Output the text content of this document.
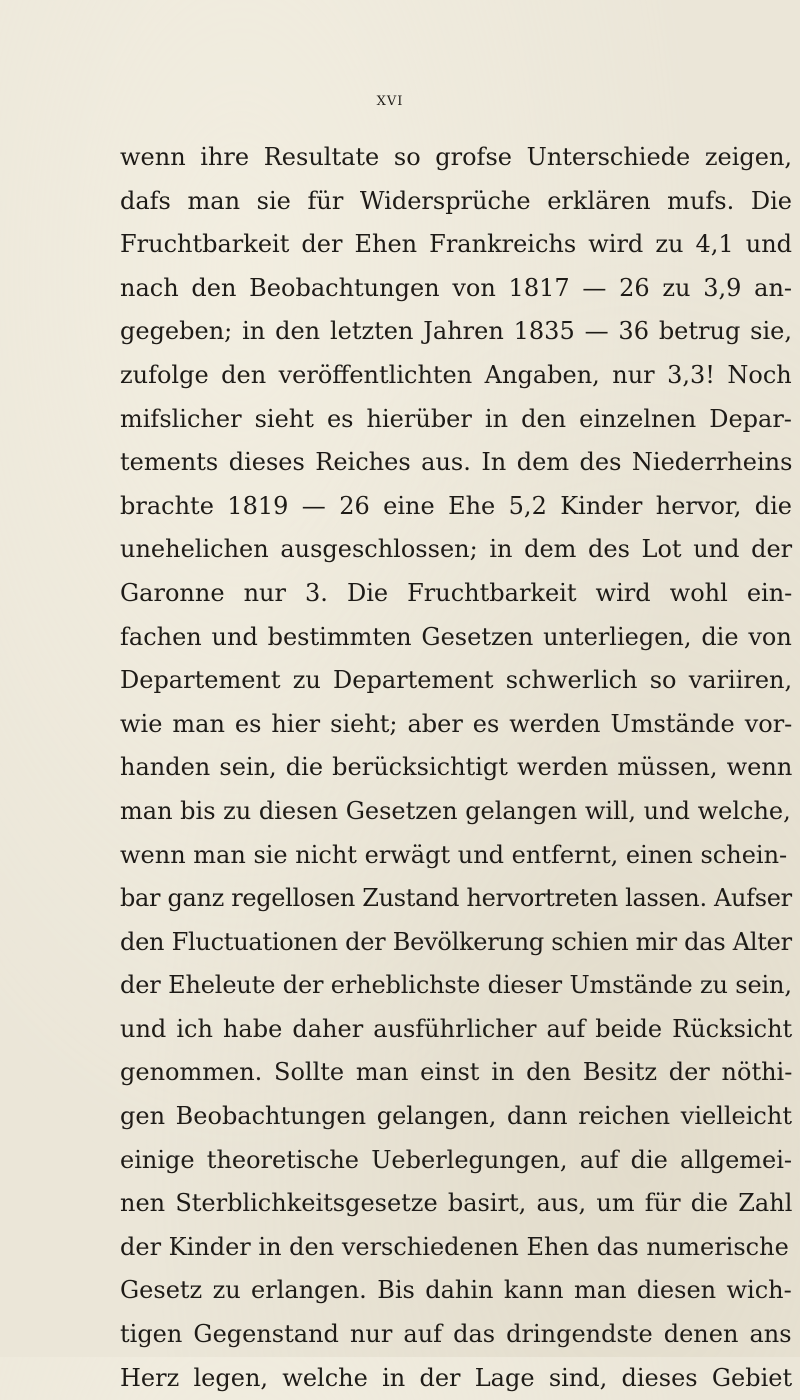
XVI
wenn ihre Resultate so grofse Unterschiede zeigen,
dafs man sie für Widersprüche erklären mufs. Die
Fruchtbarkeit der Ehen Frankreichs wird zu 4,1 und
nach den Beobachtungen von 1817 — 26 zu 3,9 an-
gegeben; in den letzten Jahren 1835 — 36 betrug sie,
zufolge den veröffentlichten Angaben, nur 3,3! Noch
mifslicher sieht es hierüber in den einzelnen Depar-
tements dieses Reiches aus. In dem des Niederrheins
brachte 1819 — 26 eine Ehe 5,2 Kinder hervor, die
unehelichen ausgeschlossen; in dem des Lot und der
Garonne nur 3. Die Fruchtbarkeit wird wohl ein-
fachen und bestimmten Gesetzen unterliegen, die von
Departement zu Departement schwerlich so variiren,
wie man es hier sieht; aber es werden Umstände vor-
handen sein, die berücksichtigt werden müssen, wenn
man bis zu diesen Gesetzen gelangen will, und welche,
wenn man sie nicht erwägt und entfernt, einen schein-
bar ganz regellosen Zustand hervortreten lassen. Aufser
den Fluctuationen der Bevölkerung schien mir das Alter
der Eheleute der erheblichste dieser Umstände zu sein,
und ich habe daher ausführlicher auf beide Rücksicht
genommen. Sollte man einst in den Besitz der nöthi-
gen Beobachtungen gelangen, dann reichen vielleicht
einige theoretische Ueberlegungen, auf die allgemei-
nen Sterblichkeitsgesetze basirt, aus, um für die Zahl
der Kinder in den verschiedenen Ehen das numerische
Gesetz zu erlangen. Bis dahin kann man diesen wich-
tigen Gegenstand nur auf das dringendste denen ans
Herz legen, welche in der Lage sind, dieses Gebiet
